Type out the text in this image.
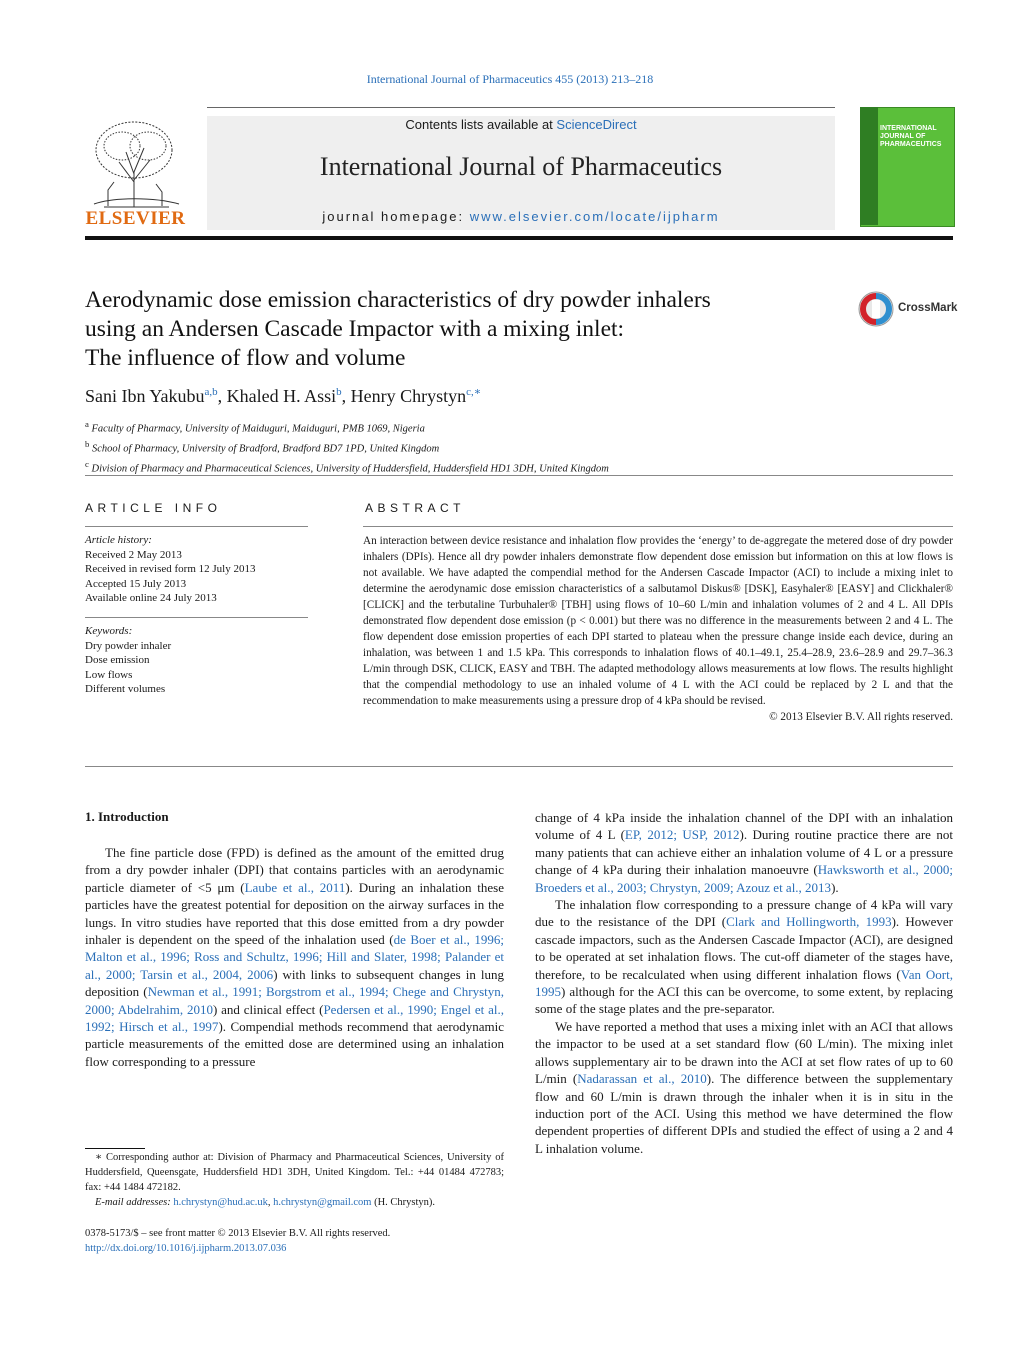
International Journal of Pharmaceutics 455 (2013) 213–218
ELSEVIER
Contents lists available at ScienceDirect
International Journal of Pharmaceutics
journal homepage: www.elsevier.com/locate/ijpharm
INTERNATIONAL JOURNAL OF PHARMACEUTICS
Aerodynamic dose emission characteristics of dry powder inhalers
using an Andersen Cascade Impactor with a mixing inlet:
The influence of flow and volume
CrossMark
Sani Ibn Yakubu$^{a,b}$, Khaled H. Assi$^b$, Henry Chrystyn$^{c,∗}$
$^a$ Faculty of Pharmacy, University of Maiduguri, Maiduguri, PMB 1069, Nigeria
$^b$ School of Pharmacy, University of Bradford, Bradford BD7 1PD, United Kingdom
$^c$ Division of Pharmacy and Pharmaceutical Sciences, University of Huddersfield, Huddersfield HD1 3DH, United Kingdom
ARTICLE INFO
Article history:
Received 2 May 2013
Received in revised form 12 July 2013
Accepted 15 July 2013
Available online 24 July 2013
Keywords:
Dry powder inhaler
Dose emission
Low flows
Different volumes
ABSTRACT
An interaction between device resistance and inhalation flow provides the ‘energy’ to de-aggregate the metered dose of dry powder inhalers (DPIs). Hence all dry powder inhalers demonstrate flow dependent dose emission but information on this at low flows is not available. We have adapted the compendial method for the Andersen Cascade Impactor (ACI) to include a mixing inlet to determine the aerodynamic dose emission characteristics of a salbutamol Diskus® [DSK], Easyhaler® [EASY] and Clickhaler® [CLICK] and the terbutaline Turbuhaler® [TBH] using flows of 10–60 L/min and inhalation volumes of 2 and 4 L. All DPIs demonstrated flow dependent dose emission (p < 0.001) but there was no difference in the measurements between 2 and 4 L. The flow dependent dose emission properties of each DPI started to plateau when the pressure change inside each device, during an inhalation, was between 1 and 1.5 kPa. This corresponds to inhalation flows of 40.1–49.1, 25.4–28.9, 23.6–28.9 and 29.7–36.3 L/min through DSK, CLICK, EASY and TBH. The adapted methodology allows measurements at low flows. The results highlight that the compendial methodology to use an inhaled volume of 4 L with the ACI could be replaced by 2 L and that the recommendation to make measurements using a pressure drop of 4 kPa should be revised.
© 2013 Elsevier B.V. All rights reserved.
1. Introduction

The fine particle dose (FPD) is defined as the amount of the emitted drug from a dry powder inhaler (DPI) that contains particles with an aerodynamic particle diameter of <5 μm (Laube et al., 2011). During an inhalation these particles have the greatest potential for deposition on the airway surfaces in the lungs. In vitro studies have reported that this dose emitted from a dry powder inhaler is dependent on the speed of the inhalation used (de Boer et al., 1996; Malton et al., 1996; Ross and Schultz, 1996; Hill and Slater, 1998; Palander et al., 2000; Tarsin et al., 2004, 2006) with links to subsequent changes in lung deposition (Newman et al., 1991; Borgstrom et al., 1994; Chege and Chrystyn, 2000; Abdelrahim, 2010) and clinical effect (Pedersen et al., 1990; Engel et al., 1992; Hirsch et al., 1997). Compendial methods recommend that aerodynamic particle measurements of the emitted dose are determined using an inhalation flow corresponding to a pressure

change of 4 kPa inside the inhalation channel of the DPI with an inhalation volume of 4 L (EP, 2012; USP, 2012). During routine practice there are not many patients that can achieve either an inhalation volume of 4 L or a pressure change of 4 kPa during their inhalation manoeuvre (Hawksworth et al., 2000; Broeders et al., 2003; Chrystyn, 2009; Azouz et al., 2013).

The inhalation flow corresponding to a pressure change of 4 kPa will vary due to the resistance of the DPI (Clark and Hollingworth, 1993). However cascade impactors, such as the Andersen Cascade Impactor (ACI), are designed to be operated at set inhalation flows. The cut-off diameter of the stages have, therefore, to be recalculated when using different inhalation flows (Van Oort, 1995) although for the ACI this can be overcome, to some extent, by replacing some of the stage plates and the pre-separator.

We have reported a method that uses a mixing inlet with an ACI that allows the impactor to be used at a set standard flow (60 L/min). The mixing inlet allows supplementary air to be drawn into the ACI at set flow rates of up to 60 L/min (Nadarassan et al., 2010). The difference between the supplementary flow and 60 L/min is drawn through the inhaler when it is in situ in the induction port of the ACI. Using this method we have determined the flow dependent properties of different DPIs and studied the effect of using a 2 and 4 L inhalation volume.

∗ Corresponding author at: Division of Pharmacy and Pharmaceutical Sciences, University of Huddersfield, Queensgate, Huddersfield HD1 3DH, United Kingdom. Tel.: +44 01484 472783; fax: +44 1484 472182.

E-mail addresses: h.chrystyn@hud.ac.uk, h.chrystyn@gmail.com (H. Chrystyn).

0378-5173/$ – see front matter © 2013 Elsevier B.V. All rights reserved.
http://dx.doi.org/10.1016/j.ijpharm.2013.07.036
